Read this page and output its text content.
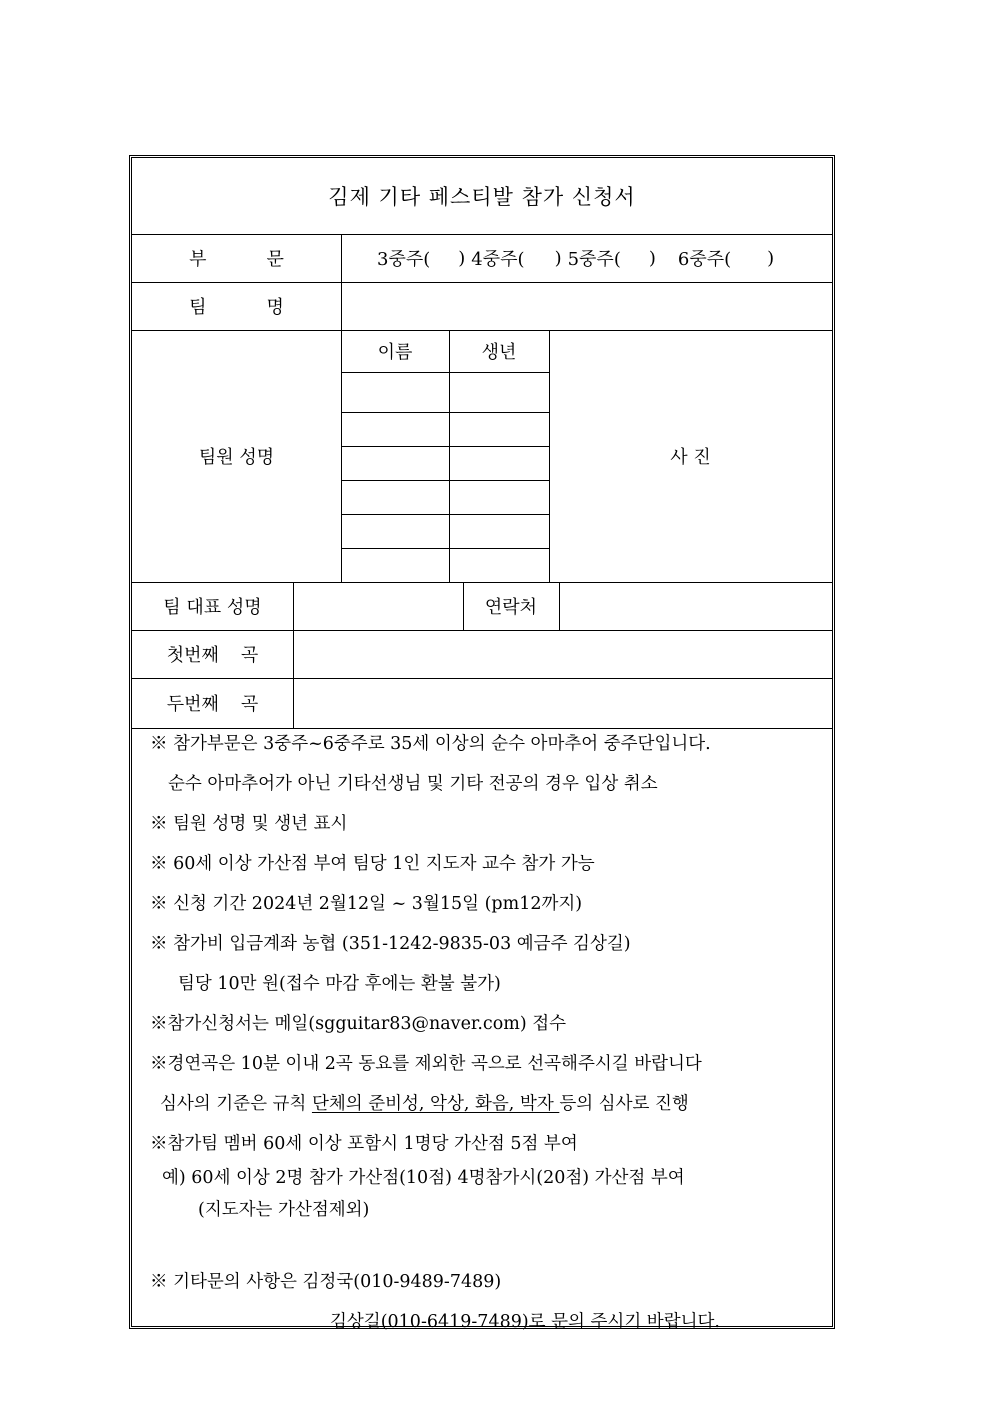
김제 기타 페스티발 참가 신청서
부	문	3중주( ) 4중주( ) 5중주( ) 6중주( )
팀	명
팀원 성명
이름	생년
사 진
팀 대표 성명	연락처
첫번째 곡
두번째 곡
※ 참가부문은 3중주~6중주로 35세 이상의 순수 아마추어 중주단입니다.
순수 아마추어가 아닌 기타선생님 및 기타 전공의 경우 입상 취소
※ 팀원 성명 및 생년 표시
※ 60세 이상 가산점 부여 팀당 1인 지도자 교수 참가 가능
※ 신청 기간 2024년 2월12일 ~ 3월15일 (pm12까지)
※ 참가비 입금계좌 농협 (351-1242-9835-03 예금주 김상길)
팀당 10만 원(접수 마감 후에는 환불 불가)
※참가신청서는 메일(sgguitar83@naver.com) 접수
※경연곡은 10분 이내 2곡 동요를 제외한 곡으로 선곡해주시길 바랍니다
심사의 기준은 규칙 단체의 준비성, 악상, 화음, 박자 등의 심사로 진행
※참가팀 멤버 60세 이상 포함시 1명당 가산점 5점 부여
예) 60세 이상 2명 참가 가산점(10점) 4명참가시(20점) 가산점 부여
(지도자는 가산점제외)
※ 기타문의 사항은 김정국(010-9489-7489)
김상길(010-6419-7489)로 문의 주시기 바랍니다.
